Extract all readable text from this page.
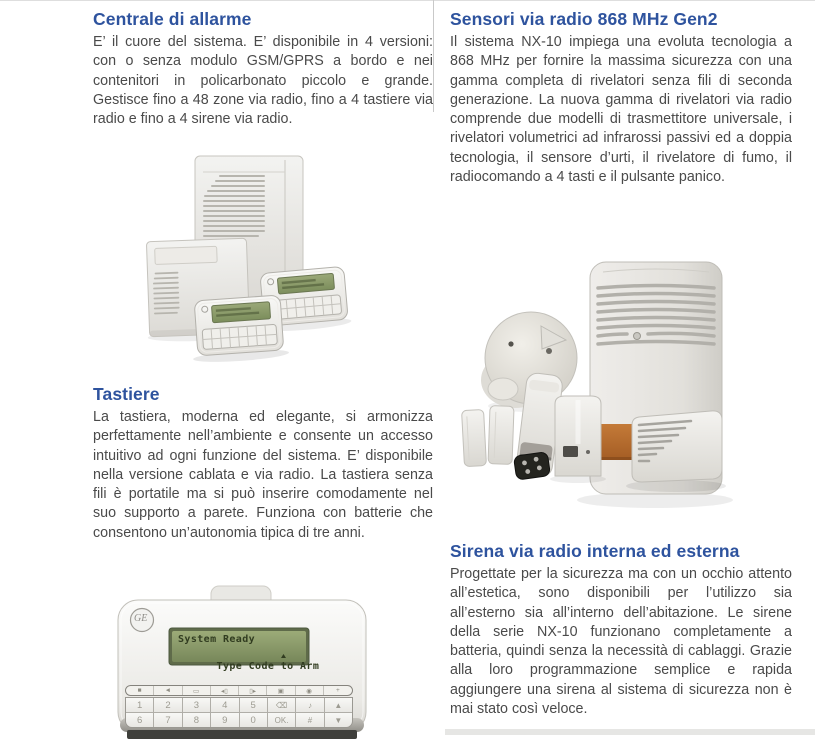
Centrale di allarme

E’ il cuore del sistema. E’ disponibile in 4 versioni: con o senza modulo GSM/GPRS a bordo e nei contenitori in policarbonato piccolo e grande. Gestisce fino a 48 zone via radio, fino a 4 tastiere via radio e fino a 4 sirene via radio.

Sensori via radio 868 MHz Gen2

Il sistema NX-10 impiega una evoluta tecnologia a 868 MHz per fornire la massima sicurezza con una gamma completa di rivelatori senza fili di seconda generazione. La nuova gamma di rivelatori via radio comprende due modelli di trasmettitore universale, i rivelatori volumetrici ad infrarossi passivi ed a doppia tecnologia, il sensore d’urti, il rivelatore di fumo, il radiocomando a 4 tasti e il pulsante panico.

Tastiere

La tastiera, moderna ed elegante, si armonizza perfettamente nell’ambiente e consente un accesso intuitivo ad ogni funzione del sistema. E’ disponibile nella versione cablata e via radio. La tastiera senza fili è portatile ma si può inserire comodamente nel suo supporto a parete. Funziona con batterie che consentono un’autonomia tipica di tre anni.

Sirena via radio interna ed esterna

Progettate per la sicurezza ma con un occhio attento all’estetica, sono disponibili per l’utilizzo sia all’esterno sia all’interno dell’abitazione. Le sirene della serie NX-10 funzionano completamente a batteria, quindi senza la necessità di cablaggi. Grazie alla loro programmazione semplice e rapida aggiungere una sirena al sistema di sicurezza non è mai stato così veloce.

GE
System Ready

Type Code to Arm

■	◄	▭	◂▯	▯▸	▣	◉	+
1	2	3	4	5	⌫	♪	▲
6	7	8	9	0	OK.	#	▼
